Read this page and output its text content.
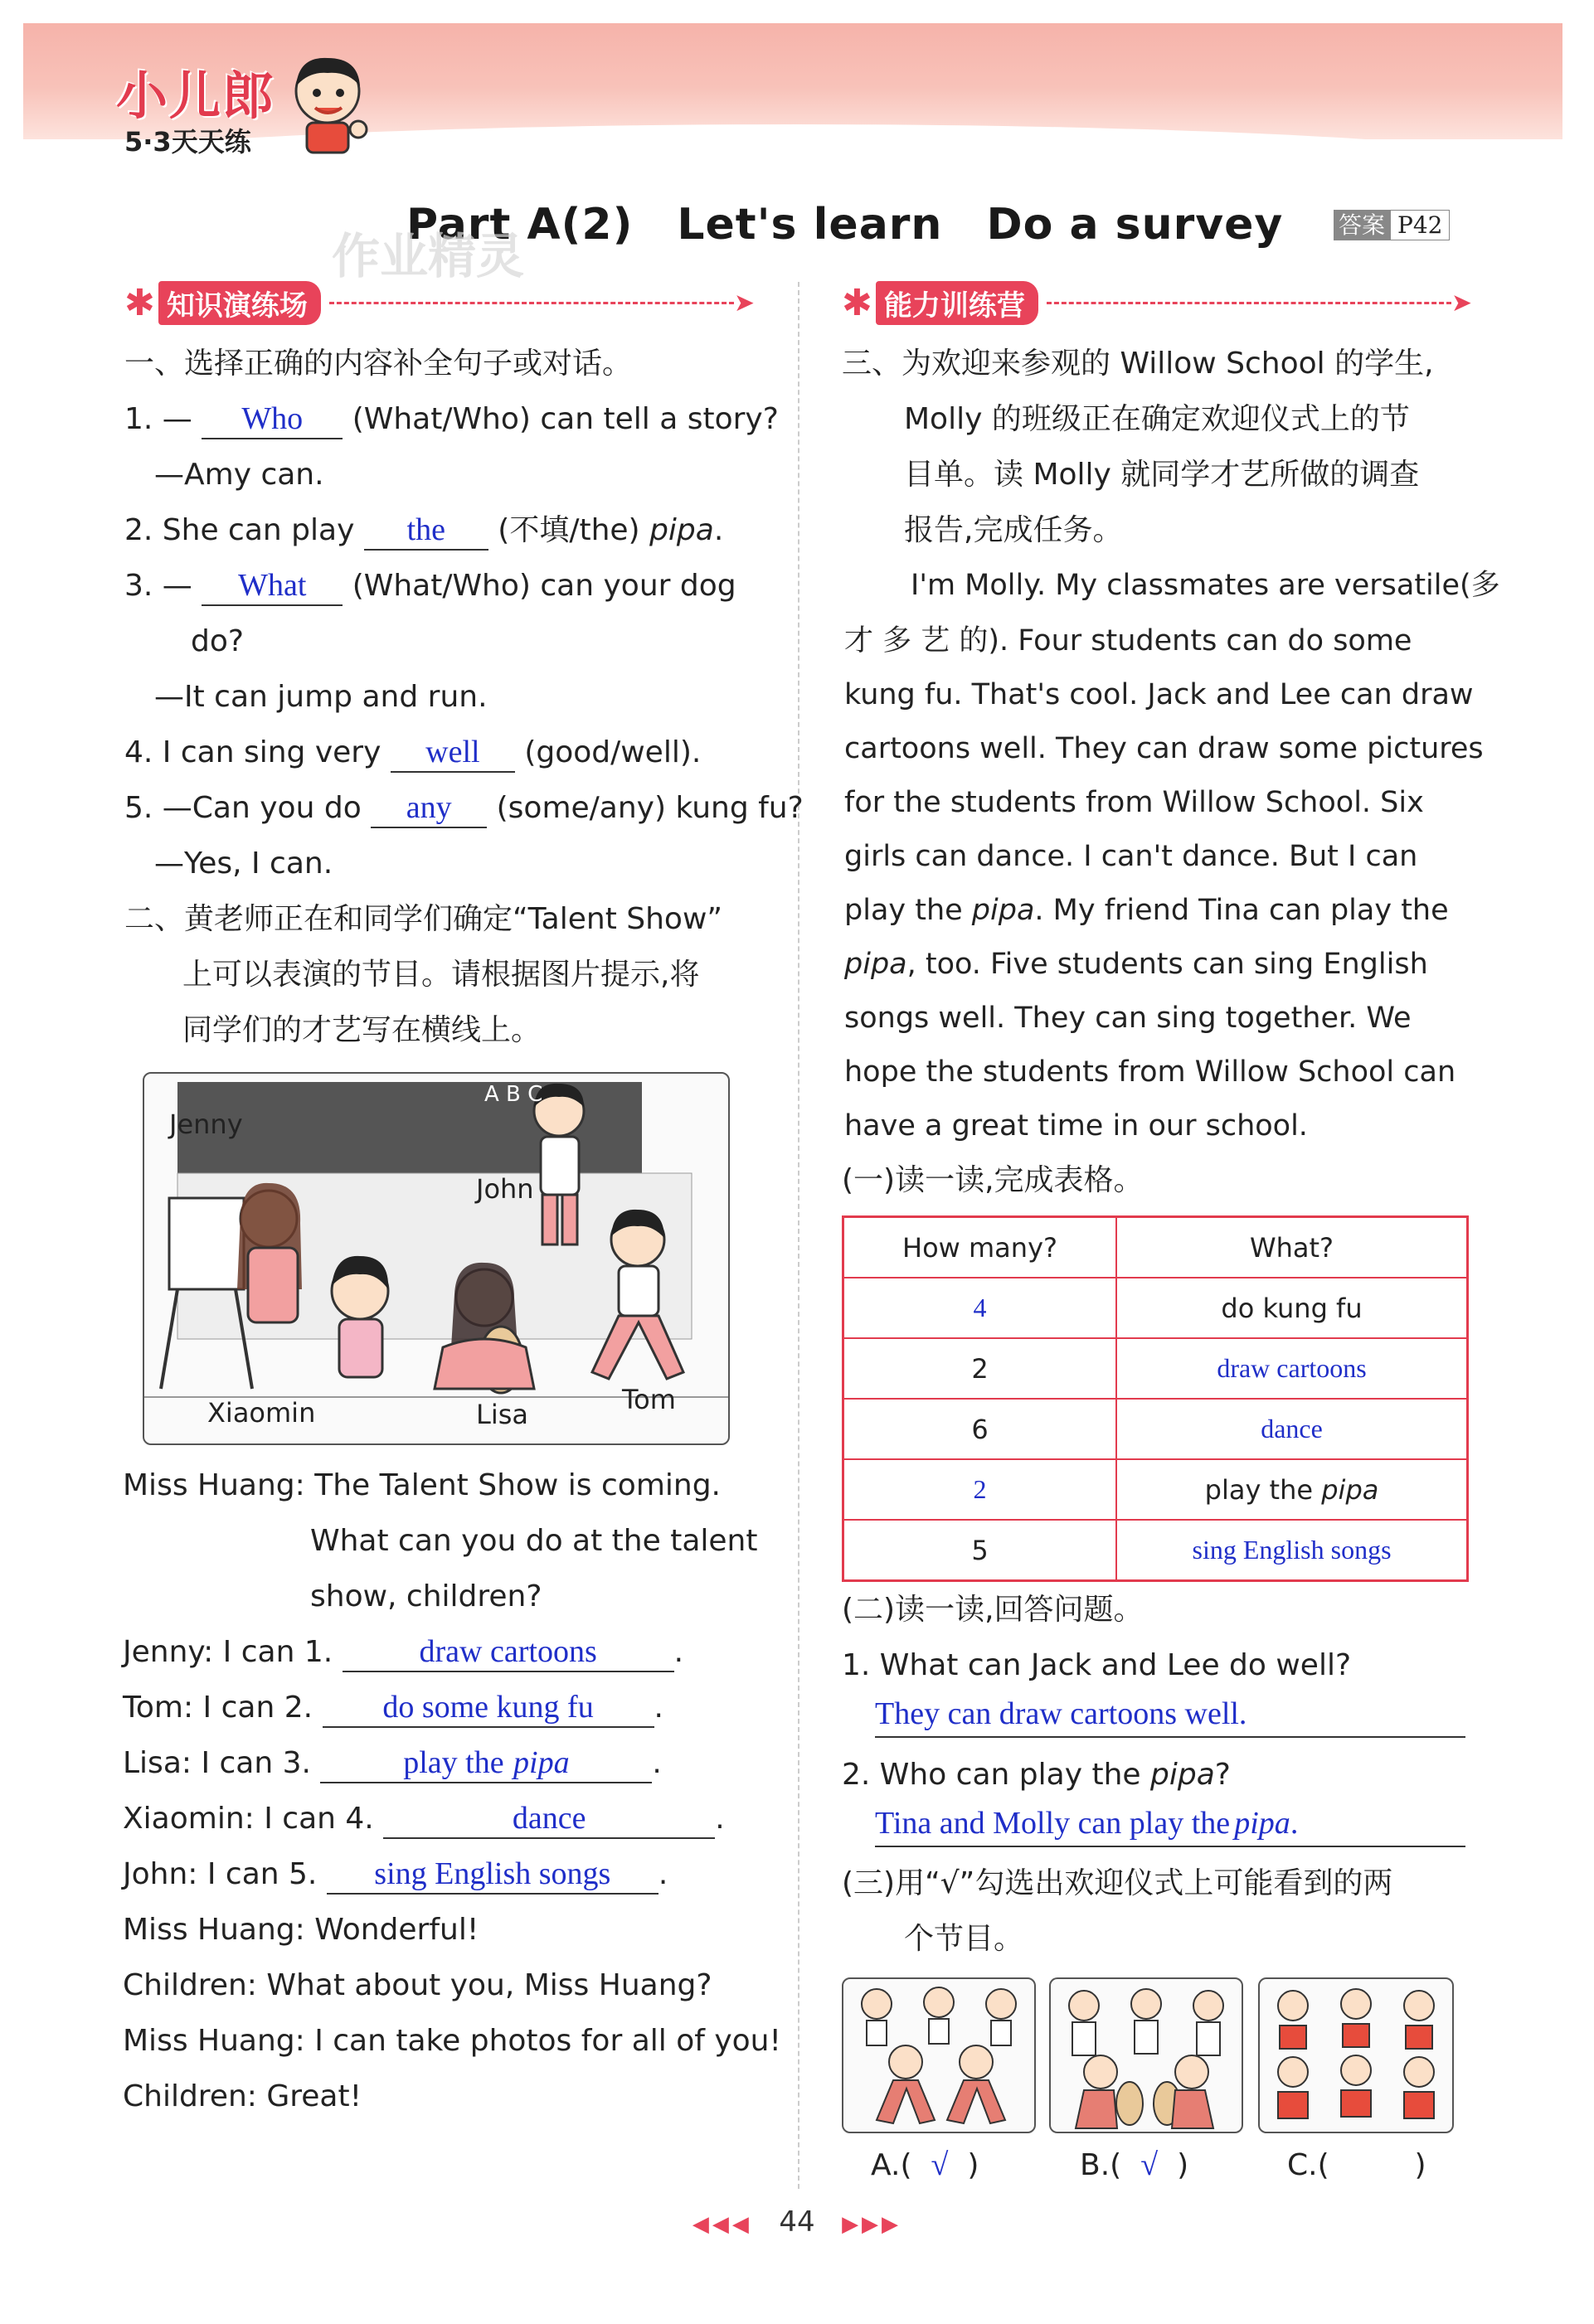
小儿郎
5·3天天练
Part A(2)　Let's learn　Do a survey
作业精灵
答案 P42
✱ 知识演练场	➤
一、选择正确的内容补全句子或对话。
1. — Who (What/Who) can tell a story?
—Amy can.
2. She can play the (不填/the) pipa.
3. — What (What/Who) can your dog
do?
—It can jump and run.
4. I can sing very well (good/well).
5. —Can you do any (some/any) kung fu?
—Yes, I can.
二、黄老师正在和同学们确定“Talent Show”
上可以表演的节目。请根据图片提示,将
同学们的才艺写在横线上。
Jenny
John
Xiaomin	Lisa	Tom
A B C
Miss Huang: The Talent Show is coming.
What can you do at the talent
show, children?
Jenny: I can 1.	draw cartoons	.
Tom: I can 2. do some kung fu .
Lisa: I can 3.	play the pipa	.
Xiaomin: I can 4.	dance	.
John: I can 5. sing English songs .
Miss Huang: Wonderful!
Children: What about you, Miss Huang?
Miss Huang: I can take photos for all of you!
Children: Great!
✱ 能力训练营	➤
三、为欢迎来参观的 Willow School 的学生,
Molly 的班级正在确定欢迎仪式上的节
目单。读 Molly 就同学才艺所做的调查
报告,完成任务。
I'm Molly. My classmates are versatile(多
才 多 艺 的). Four students can do some
kung fu. That's cool. Jack and Lee can draw
cartoons well. They can draw some pictures
for the students from Willow School. Six
girls can dance. I can't dance. But I can
play the pipa. My friend Tina can play the
pipa, too. Five students can sing English
songs well. They can sing together. We
hope the students from Willow School can
have a great time in our school.
(一)读一读,完成表格。
How many?	What?
4	do kung fu
2	draw cartoons
6	dance
2	play the pipa
5	sing English songs
(二)读一读,回答问题。
1. What can Jack and Lee do well?
They can draw cartoons well.
2. Who can play the pipa?
Tina and Molly can play the pipa.
(三)用“√”勾选出欢迎仪式上可能看到的两
个节目。
A.( √ )	B.( √ )	C.(  )
◀◀◀ 44 ▶▶▶
